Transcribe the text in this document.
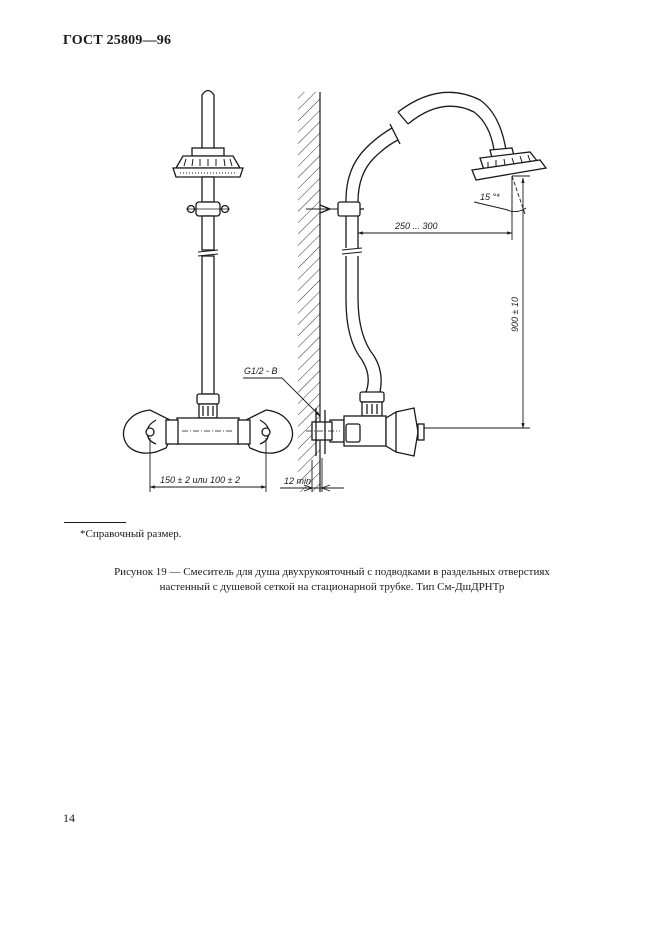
ГОСТ 25809—96
150 ± 2 или 100 ± 2
G1/2 - B
12 min
250 ... 300
900 ± 10
15 °*
*Справочный размер.
Рисунок 19 — Смеситель для душа двухрукояточный с подводками в раздельных отверстиях
настенный с душевой сеткой на стационарной трубке. Тип См-ДшДРНТр
14
